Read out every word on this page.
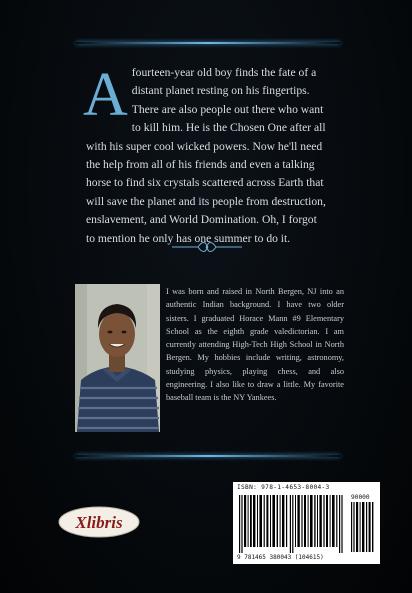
Afourteen-year old boy finds the fate of a distant planet resting on his fingertips. There are also people out there who want to kill him. He is the Chosen One after all with his super cool wicked powers. Now he'll need the help from all of his friends and even a talking horse to find six crystals scattered across Earth that will save the planet and its people from destruction, enslavement, and World Domination. Oh, I forgot to mention he only has one summer to do it.
I was born and raised in North Bergen, NJ into an authentic Indian background. I have two older sisters. I graduated Horace Mann #9 Elementary School as the eighth grade valedictorian. I am currently attending High-Tech High School in North Bergen. My hobbies include writing, astronomy, studying physics, playing chess, and also engineering. I also like to draw a little. My favorite baseball team is the NY Yankees.
Xlibris
ISBN: 978-1-4653-8004-3
90000
9 781465 380043 (104615)
